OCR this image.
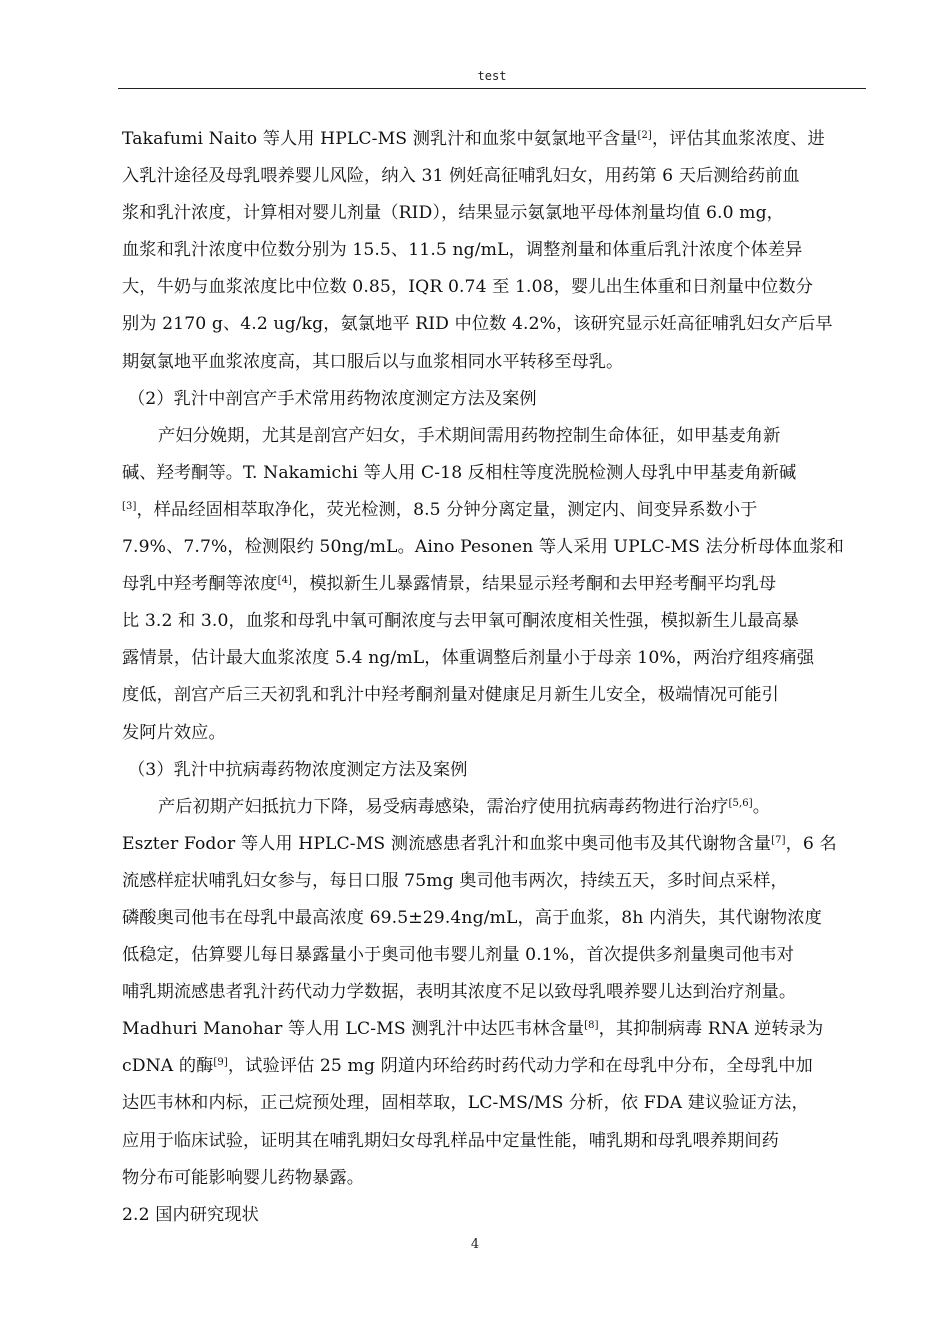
test
Takafumi Naito 等人用 HPLC-MS 测乳汁和血浆中氨氯地平含量[2]，评估其血浆浓度、进
入乳汁途径及母乳喂养婴儿风险，纳入 31 例妊高征哺乳妇女，用药第 6 天后测给药前血
浆和乳汁浓度，计算相对婴儿剂量（RID），结果显示氨氯地平母体剂量均值 6.0 mg，
血浆和乳汁浓度中位数分别为 15.5、11.5 ng/mL，调整剂量和体重后乳汁浓度个体差异
大，牛奶与血浆浓度比中位数 0.85，IQR 0.74 至 1.08，婴儿出生体重和日剂量中位数分
别为 2170 g、4.2 ug/kg，氨氯地平 RID 中位数 4.2%，该研究显示妊高征哺乳妇女产后早
期氨氯地平血浆浓度高，其口服后以与血浆相同水平转移至母乳。
（2）乳汁中剖宫产手术常用药物浓度测定方法及案例
产妇分娩期，尤其是剖宫产妇女，手术期间需用药物控制生命体征，如甲基麦角新
碱、羟考酮等。T. Nakamichi 等人用 C-18 反相柱等度洗脱检测人母乳中甲基麦角新碱
[3]，样品经固相萃取净化，荧光检测，8.5 分钟分离定量，测定内、间变异系数小于
7.9%、7.7%，检测限约 50ng/mL。Aino Pesonen 等人采用 UPLC-MS 法分析母体血浆和
母乳中羟考酮等浓度[4]，模拟新生儿暴露情景，结果显示羟考酮和去甲羟考酮平均乳母
比 3.2 和 3.0，血浆和母乳中氧可酮浓度与去甲氧可酮浓度相关性强，模拟新生儿最高暴
露情景，估计最大血浆浓度 5.4 ng/mL，体重调整后剂量小于母亲 10%，两治疗组疼痛强
度低，剖宫产后三天初乳和乳汁中羟考酮剂量对健康足月新生儿安全，极端情况可能引
发阿片效应。
（3）乳汁中抗病毒药物浓度测定方法及案例
产后初期产妇抵抗力下降，易受病毒感染，需治疗使用抗病毒药物进行治疗[5,6]。
Eszter Fodor 等人用 HPLC-MS 测流感患者乳汁和血浆中奥司他韦及其代谢物含量[7]，6 名
流感样症状哺乳妇女参与，每日口服 75mg 奥司他韦两次，持续五天，多时间点采样，
磷酸奥司他韦在母乳中最高浓度 69.5±29.4ng/mL，高于血浆，8h 内消失，其代谢物浓度
低稳定，估算婴儿每日暴露量小于奥司他韦婴儿剂量 0.1%，首次提供多剂量奥司他韦对
哺乳期流感患者乳汁药代动力学数据，表明其浓度不足以致母乳喂养婴儿达到治疗剂量。
Madhuri Manohar 等人用 LC-MS 测乳汁中达匹韦林含量[8]，其抑制病毒 RNA 逆转录为
cDNA 的酶[9]，试验评估 25 mg 阴道内环给药时药代动力学和在母乳中分布，全母乳中加
达匹韦林和内标，正己烷预处理，固相萃取，LC-MS/MS 分析，依 FDA 建议验证方法，
应用于临床试验，证明其在哺乳期妇女母乳样品中定量性能，哺乳期和母乳喂养期间药
物分布可能影响婴儿药物暴露。
2.2 国内研究现状
4
